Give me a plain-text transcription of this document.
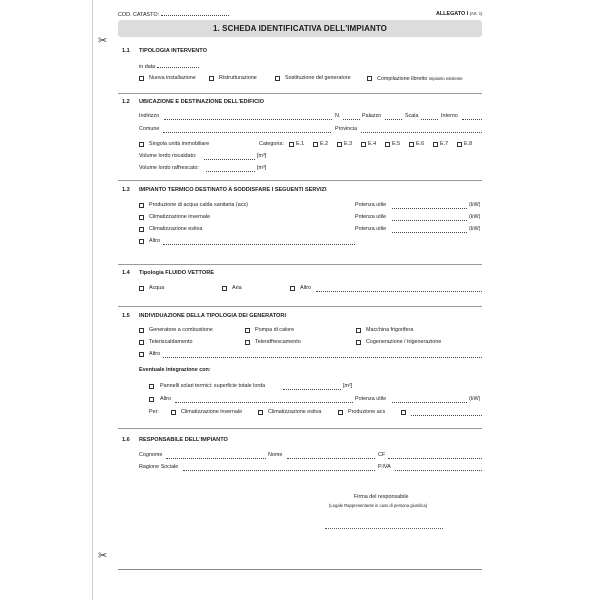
✂
✂
COD. CATASTO:	ALLEGATO I (Art. 1)
1. SCHEDA IDENTIFICATIVA DELL'IMPIANTO
1.1 TIPOLOGIA INTERVENTO
in data
Nuova installazione	Ristrutturazione	Sostituzione del generatore	Compilazione libretto impianto esistente
1.2 UBICAZIONE E DESTINAZIONE DELL'EDIFICIO
Indirizzo	N.	Palazzo	Scala	Interno
Comune	Provincia
Singola unità immobiliare	Categoria: E.1	E.2	E.3	E.4	E.5	E.6	E.7	E.8
Volume lordo riscaldato:	[m³]
Volume lordo raffrescato:	[m³]
1.3 IMPIANTO TERMICO DESTINATO A SODDISFARE I SEGUENTI SERVIZI
Produzione di acqua calda sanitaria (acs)	Potenza utile	(kW)
Climatizzazione invernale	Potenza utile	(kW)
Climatizzazione estiva	Potenza utile	(kW)
Altro
1.4 Tipologia FLUIDO VETTORE
Acqua	Aria	Altro
1.5 INDIVIDUAZIONE DELLA TIPOLOGIA DEI GENERATORI
Generatore a combustione	Pompa di calore	Macchina frigorifera
Teleriscaldamento	Teleraffrescamento	Cogenerazione / trigenerazione
Altro
Eventuale integrazione con:
Pannelli solari termici: superficie totale lorda	[m²]
Altro	Potenza utile	(kW)
Per:	Climatizzazione invernale	Climatizzazione estiva	Produzione acs
1.6 RESPONSABILE DELL'IMPIANTO
Cognome	Nome	CF
Ragione Sociale	P.IVA
Firma del responsabile
(Legale Rappresentante in caso di persona giuridica)
